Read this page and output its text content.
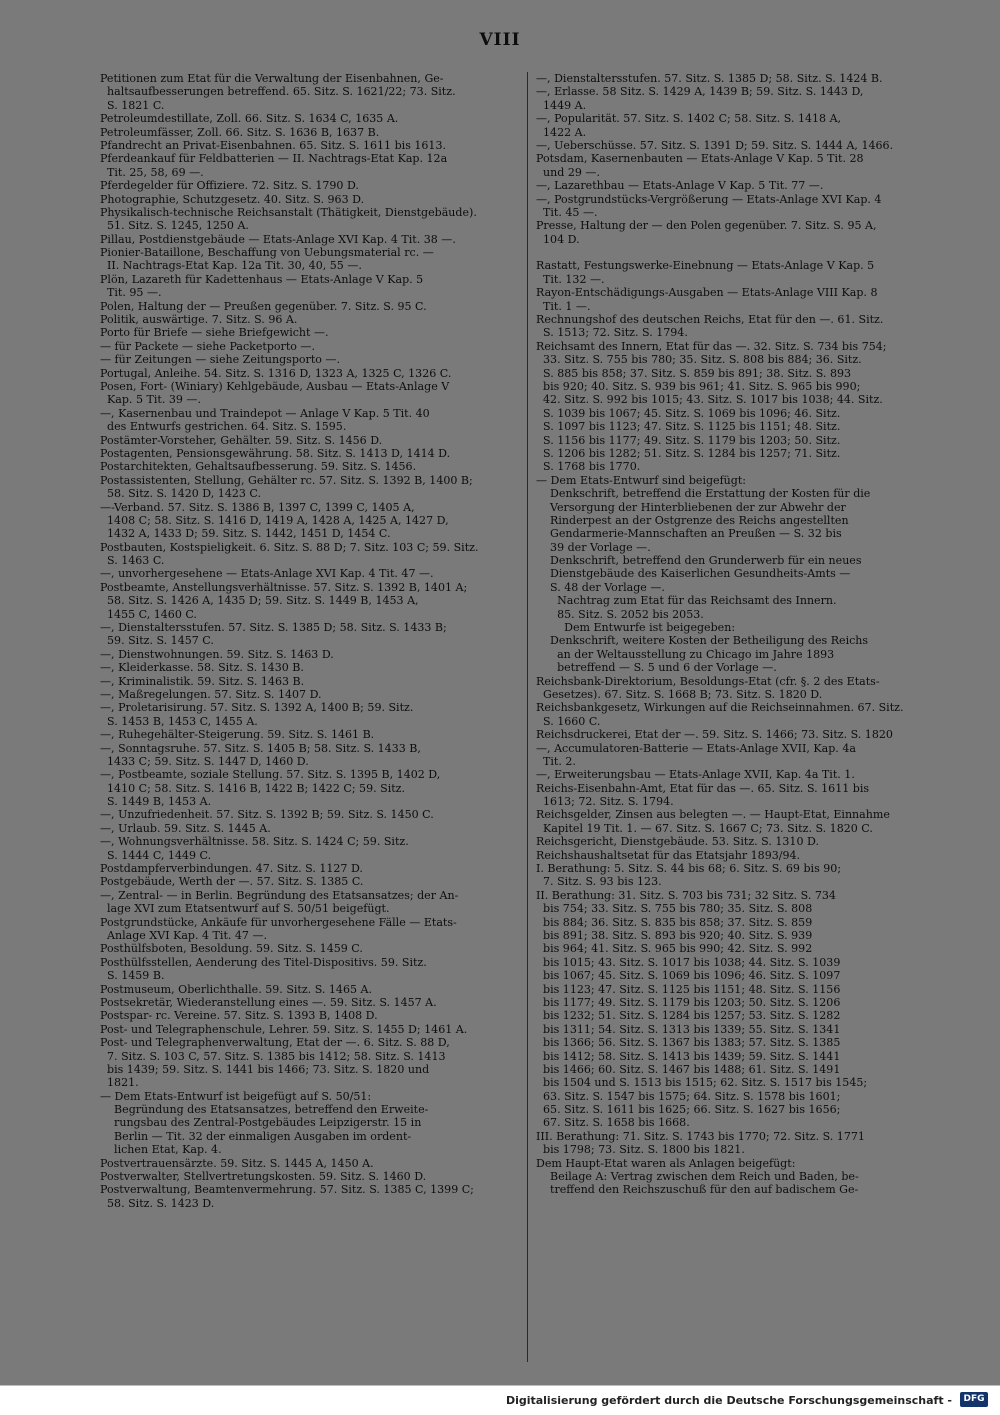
VIII
Petitionen zum Etat für die Verwaltung der Eisenbahnen, Ge-
haltsaufbesserungen betreffend. 65. Sitz. S. 1621/22; 73. Sitz.
S. 1821 C.
Petroleumdestillate, Zoll. 66. Sitz. S. 1634 C, 1635 A.
Petroleumfässer, Zoll. 66. Sitz. S. 1636 B, 1637 B.
Pfandrecht an Privat-Eisenbahnen. 65. Sitz. S. 1611 bis 1613.
Pferdeankauf für Feldbatterien — II. Nachtrags-Etat Kap. 12a
Tit. 25, 58, 69 —.
Pferdegelder für Offiziere. 72. Sitz. S. 1790 D.
Photographie, Schutzgesetz. 40. Sitz. S. 963 D.
Physikalisch-technische Reichsanstalt (Thätigkeit, Dienstgebäude).
51. Sitz. S. 1245, 1250 A.
Pillau, Postdienstgebäude — Etats-Anlage XVI Kap. 4 Tit. 38 —.
Pionier-Bataillone, Beschaffung von Uebungsmaterial rc. —
II. Nachtrags-Etat Kap. 12a Tit. 30, 40, 55 —.
Plön, Lazareth für Kadettenhaus — Etats-Anlage V Kap. 5
Tit. 95 —.
Polen, Haltung der — Preußen gegenüber. 7. Sitz. S. 95 C.
Politik, auswärtige. 7. Sitz. S. 96 A.
Porto für Briefe — siehe Briefgewicht —.
— für Packete — siehe Packetporto —.
— für Zeitungen — siehe Zeitungsporto —.
Portugal, Anleihe. 54. Sitz. S. 1316 D, 1323 A, 1325 C, 1326 C.
Posen, Fort- (Winiary) Kehlgebäude, Ausbau — Etats-Anlage V
Kap. 5 Tit. 39 —.
—, Kasernenbau und Traindepot — Anlage V Kap. 5 Tit. 40
des Entwurfs gestrichen. 64. Sitz. S. 1595.
Postämter-Vorsteher, Gehälter. 59. Sitz. S. 1456 D.
Postagenten, Pensionsgewährung. 58. Sitz. S. 1413 D, 1414 D.
Postarchitekten, Gehaltsaufbesserung. 59. Sitz. S. 1456.
Postassistenten, Stellung, Gehälter rc. 57. Sitz. S. 1392 B, 1400 B;
58. Sitz. S. 1420 D, 1423 C.
—-Verband. 57. Sitz. S. 1386 B, 1397 C, 1399 C, 1405 A,
1408 C; 58. Sitz. S. 1416 D, 1419 A, 1428 A, 1425 A, 1427 D,
1432 A, 1433 D; 59. Sitz. S. 1442, 1451 D, 1454 C.
Postbauten, Kostspieligkeit. 6. Sitz. S. 88 D; 7. Sitz. 103 C; 59. Sitz.
S. 1463 C.
—, unvorhergesehene — Etats-Anlage XVI Kap. 4 Tit. 47 —.
Postbeamte, Anstellungsverhältnisse. 57. Sitz. S. 1392 B, 1401 A;
58. Sitz. S. 1426 A, 1435 D; 59. Sitz. S. 1449 B, 1453 A,
1455 C, 1460 C.
—, Dienstaltersstufen. 57. Sitz. S. 1385 D; 58. Sitz. S. 1433 B;
59. Sitz. S. 1457 C.
—, Dienstwohnungen. 59. Sitz. S. 1463 D.
—, Kleiderkasse. 58. Sitz. S. 1430 B.
—, Kriminalistik. 59. Sitz. S. 1463 B.
—, Maßregelungen. 57. Sitz. S. 1407 D.
—, Proletarisirung. 57. Sitz. S. 1392 A, 1400 B; 59. Sitz.
S. 1453 B, 1453 C, 1455 A.
—, Ruhegehälter-Steigerung. 59. Sitz. S. 1461 B.
—, Sonntagsruhe. 57. Sitz. S. 1405 B; 58. Sitz. S. 1433 B,
1433 C; 59. Sitz. S. 1447 D, 1460 D.
—, Postbeamte, soziale Stellung. 57. Sitz. S. 1395 B, 1402 D,
1410 C; 58. Sitz. S. 1416 B, 1422 B; 1422 C; 59. Sitz.
S. 1449 B, 1453 A.
—, Unzufriedenheit. 57. Sitz. S. 1392 B; 59. Sitz. S. 1450 C.
—, Urlaub. 59. Sitz. S. 1445 A.
—, Wohnungsverhältnisse. 58. Sitz. S. 1424 C; 59. Sitz.
S. 1444 C, 1449 C.
Postdampferverbindungen. 47. Sitz. S. 1127 D.
Postgebäude, Werth der —. 57. Sitz. S. 1385 C.
—, Zentral- — in Berlin. Begründung des Etatsansatzes; der An-
lage XVI zum Etatsentwurf auf S. 50/51 beigefügt.
Postgrundstücke, Ankäufe für unvorhergesehene Fälle — Etats-
Anlage XVI Kap. 4 Tit. 47 —.
Posthülfsboten, Besoldung. 59. Sitz. S. 1459 C.
Posthülfsstellen, Aenderung des Titel-Dispositivs. 59. Sitz.
S. 1459 B.
Postmuseum, Oberlichthalle. 59. Sitz. S. 1465 A.
Postsekretär, Wiederanstellung eines —. 59. Sitz. S. 1457 A.
Postspar- rc. Vereine. 57. Sitz. S. 1393 B, 1408 D.
Post- und Telegraphenschule, Lehrer. 59. Sitz. S. 1455 D; 1461 A.
Post- und Telegraphenverwaltung, Etat der —. 6. Sitz. S. 88 D,
7. Sitz. S. 103 C, 57. Sitz. S. 1385 bis 1412; 58. Sitz. S. 1413
bis 1439; 59. Sitz. S. 1441 bis 1466; 73. Sitz. S. 1820 und
1821.
— Dem Etats-Entwurf ist beigefügt auf S. 50/51:
Begründung des Etatsansatzes, betreffend den Erweite-
rungsbau des Zentral-Postgebäudes Leipzigerstr. 15 in
Berlin — Tit. 32 der einmaligen Ausgaben im ordent-
lichen Etat, Kap. 4.
Postvertrauensärzte. 59. Sitz. S. 1445 A, 1450 A.
Postverwalter, Stellvertretungskosten. 59. Sitz. S. 1460 D.
Postverwaltung, Beamtenvermehrung. 57. Sitz. S. 1385 C, 1399 C;
58. Sitz. S. 1423 D.
—, Dienstaltersstufen. 57. Sitz. S. 1385 D; 58. Sitz. S. 1424 B.
—, Erlasse. 58 Sitz. S. 1429 A, 1439 B; 59. Sitz. S. 1443 D,
1449 A.
—, Popularität. 57. Sitz. S. 1402 C; 58. Sitz. S. 1418 A,
1422 A.
—, Ueberschüsse. 57. Sitz. S. 1391 D; 59. Sitz. S. 1444 A, 1466.
Potsdam, Kasernenbauten — Etats-Anlage V Kap. 5 Tit. 28
und 29 —.
—, Lazarethbau — Etats-Anlage V Kap. 5 Tit. 77 —.
—, Postgrundstücks-Vergrößerung — Etats-Anlage XVI Kap. 4
Tit. 45 —.
Presse, Haltung der — den Polen gegenüber. 7. Sitz. S. 95 A,
104 D.
Rastatt, Festungswerke-Einebnung — Etats-Anlage V Kap. 5
Tit. 132 —.
Rayon-Entschädigungs-Ausgaben — Etats-Anlage VIII Kap. 8
Tit. 1 —.
Rechnungshof des deutschen Reichs, Etat für den —. 61. Sitz.
S. 1513; 72. Sitz. S. 1794.
Reichsamt des Innern, Etat für das —. 32. Sitz. S. 734 bis 754;
33. Sitz. S. 755 bis 780; 35. Sitz. S. 808 bis 884; 36. Sitz.
S. 885 bis 858; 37. Sitz. S. 859 bis 891; 38. Sitz. S. 893
bis 920; 40. Sitz. S. 939 bis 961; 41. Sitz. S. 965 bis 990;
42. Sitz. S. 992 bis 1015; 43. Sitz. S. 1017 bis 1038; 44. Sitz.
S. 1039 bis 1067; 45. Sitz. S. 1069 bis 1096; 46. Sitz.
S. 1097 bis 1123; 47. Sitz. S. 1125 bis 1151; 48. Sitz.
S. 1156 bis 1177; 49. Sitz. S. 1179 bis 1203; 50. Sitz.
S. 1206 bis 1282; 51. Sitz. S. 1284 bis 1257; 71. Sitz.
S. 1768 bis 1770.
— Dem Etats-Entwurf sind beigefügt:
Denkschrift, betreffend die Erstattung der Kosten für die
Versorgung der Hinterbliebenen der zur Abwehr der
Rinderpest an der Ostgrenze des Reichs angestellten
Gendarmerie-Mannschaften an Preußen — S. 32 bis
39 der Vorlage —.
Denkschrift, betreffend den Grunderwerb für ein neues
Dienstgebäude des Kaiserlichen Gesundheits-Amts —
S. 48 der Vorlage —.
Nachtrag zum Etat für das Reichsamt des Innern.
85. Sitz. S. 2052 bis 2053.
Dem Entwurfe ist beigegeben:
Denkschrift, weitere Kosten der Betheiligung des Reichs
an der Weltausstellung zu Chicago im Jahre 1893
betreffend — S. 5 und 6 der Vorlage —.
Reichsbank-Direktorium, Besoldungs-Etat (cfr. §. 2 des Etats-
Gesetzes). 67. Sitz. S. 1668 B; 73. Sitz. S. 1820 D.
Reichsbankgesetz, Wirkungen auf die Reichseinnahmen. 67. Sitz.
S. 1660 C.
Reichsdruckerei, Etat der —. 59. Sitz. S. 1466; 73. Sitz. S. 1820
—, Accumulatoren-Batterie — Etats-Anlage XVII, Kap. 4a
Tit. 2.
—, Erweiterungsbau — Etats-Anlage XVII, Kap. 4a Tit. 1.
Reichs-Eisenbahn-Amt, Etat für das —. 65. Sitz. S. 1611 bis
1613; 72. Sitz. S. 1794.
Reichsgelder, Zinsen aus belegten —. — Haupt-Etat, Einnahme
Kapitel 19 Tit. 1. — 67. Sitz. S. 1667 C; 73. Sitz. S. 1820 C.
Reichsgericht, Dienstgebäude. 53. Sitz. S. 1310 D.
Reichshaushaltsetat für das Etatsjahr 1893/94.
I. Berathung: 5. Sitz. S. 44 bis 68; 6. Sitz. S. 69 bis 90;
7. Sitz. S. 93 bis 123.
II. Berathung: 31. Sitz. S. 703 bis 731; 32 Sitz. S. 734
bis 754; 33. Sitz. S. 755 bis 780; 35. Sitz. S. 808
bis 884; 36. Sitz. S. 835 bis 858; 37. Sitz. S. 859
bis 891; 38. Sitz. S. 893 bis 920; 40. Sitz. S. 939
bis 964; 41. Sitz. S. 965 bis 990; 42. Sitz. S. 992
bis 1015; 43. Sitz. S. 1017 bis 1038; 44. Sitz. S. 1039
bis 1067; 45. Sitz. S. 1069 bis 1096; 46. Sitz. S. 1097
bis 1123; 47. Sitz. S. 1125 bis 1151; 48. Sitz. S. 1156
bis 1177; 49. Sitz. S. 1179 bis 1203; 50. Sitz. S. 1206
bis 1232; 51. Sitz. S. 1284 bis 1257; 53. Sitz. S. 1282
bis 1311; 54. Sitz. S. 1313 bis 1339; 55. Sitz. S. 1341
bis 1366; 56. Sitz. S. 1367 bis 1383; 57. Sitz. S. 1385
bis 1412; 58. Sitz. S. 1413 bis 1439; 59. Sitz. S. 1441
bis 1466; 60. Sitz. S. 1467 bis 1488; 61. Sitz. S. 1491
bis 1504 und S. 1513 bis 1515; 62. Sitz. S. 1517 bis 1545;
63. Sitz. S. 1547 bis 1575; 64. Sitz. S. 1578 bis 1601;
65. Sitz. S. 1611 bis 1625; 66. Sitz. S. 1627 bis 1656;
67. Sitz. S. 1658 bis 1668.
III. Berathung: 71. Sitz. S. 1743 bis 1770; 72. Sitz. S. 1771
bis 1798; 73. Sitz. S. 1800 bis 1821.
Dem Haupt-Etat waren als Anlagen beigefügt:
Beilage A: Vertrag zwischen dem Reich und Baden, be-
treffend den Reichszuschuß für den auf badischem Ge-
Digitalisierung gefördert durch die Deutsche Forschungsgemeinschaft -	DFG
